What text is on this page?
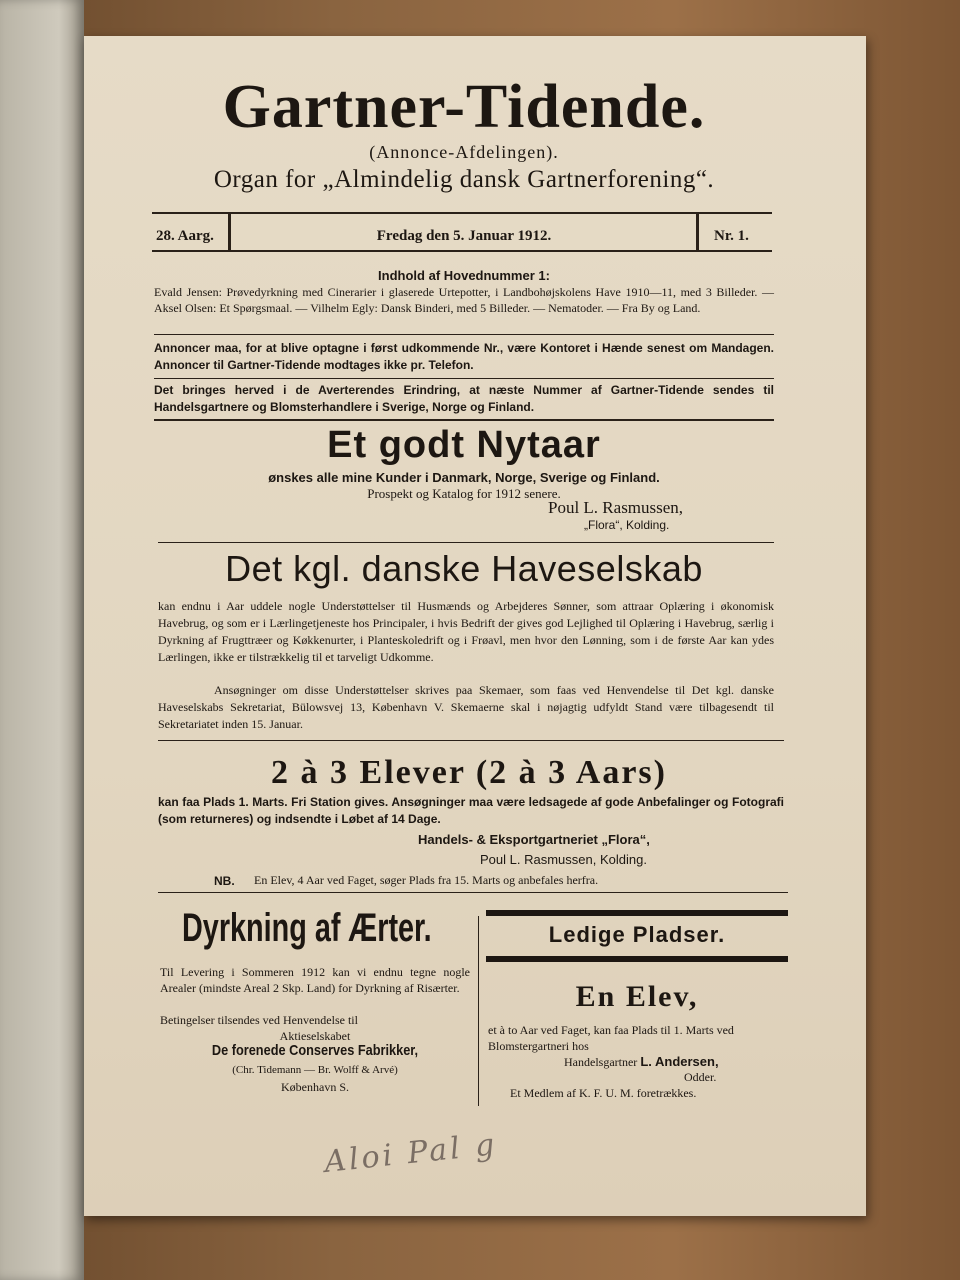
Gartner-Tidende.
(Annonce-Afdelingen).
Organ for „Almindelig dansk Gartnerforening“.
28. Aarg.	Fredag den 5. Januar 1912.	Nr. 1.
Indhold af Hovednummer 1:
Evald Jensen: Prøvedyrkning med Cinerarier i glaserede Urtepotter, i Landbohøjskolens Have 1910—11, med 3 Billeder. — Aksel Olsen: Et Spørgsmaal. — Vilhelm Egly: Dansk Binderi, med 5 Billeder. — Nematoder. — Fra By og Land.
Annoncer maa, for at blive optagne i først udkommende Nr., være Kontoret i Hænde senest om Mandagen. Annoncer til Gartner-Tidende modtages ikke pr. Telefon.
Det bringes herved i de Averterendes Erindring, at næste Nummer af Gartner-Tidende sendes til Handelsgartnere og Blomsterhandlere i Sverige, Norge og Finland.
Et godt Nytaar
ønskes alle mine Kunder i Danmark, Norge, Sverige og Finland.
Prospekt og Katalog for 1912 senere.
Poul L. Rasmussen,
„Flora“, Kolding.
Det kgl. danske Haveselskab
kan endnu i Aar uddele nogle Understøttelser til Husmænds og Arbejderes Sønner, som attraar Oplæring i økonomisk Havebrug, og som er i Lærlingetjeneste hos Principaler, i hvis Bedrift der gives god Lejlighed til Oplæring i Havebrug, særlig i Dyrkning af Frugttræer og Køkkenurter, i Planteskoledrift og i Frøavl, men hvor den Lønning, som i de første Aar kan ydes Lærlingen, ikke er tilstrækkelig til et tarveligt Udkomme.
Ansøgninger om disse Understøttelser skrives paa Skemaer, som faas ved Henvendelse til Det kgl. danske Haveselskabs Sekretariat, Bülowsvej 13, København V. Skemaerne skal i nøjagtig udfyldt Stand være tilbagesendt til Sekretariatet inden 15. Januar.
2 à 3 Elever (2 à 3 Aars)
kan faa Plads 1. Marts. Fri Station gives. Ansøgninger maa være ledsagede af gode Anbefalinger og Fotografi (som returneres) og indsendte i Løbet af 14 Dage.
Handels- & Eksportgartneriet „Flora“,
Poul L. Rasmussen, Kolding.
NB. En Elev, 4 Aar ved Faget, søger Plads fra 15. Marts og anbefales herfra.
Dyrkning af Ærter.
Til Levering i Sommeren 1912 kan vi endnu tegne nogle Arealer (mindste Areal 2 Skp. Land) for Dyrkning af Risærter.
Betingelser tilsendes ved Henvendelse til
Aktieselskabet
De forenede Conserves Fabrikker,
(Chr. Tidemann — Br. Wolff & Arvé)
København S.
Ledige Pladser.
En Elev,
et à to Aar ved Faget, kan faa Plads til 1. Marts ved Blomstergartneri hos
Handelsgartner L. Andersen,
Odder.
Et Medlem af K. F. U. M. foretrækkes.
Aloi Pal g
